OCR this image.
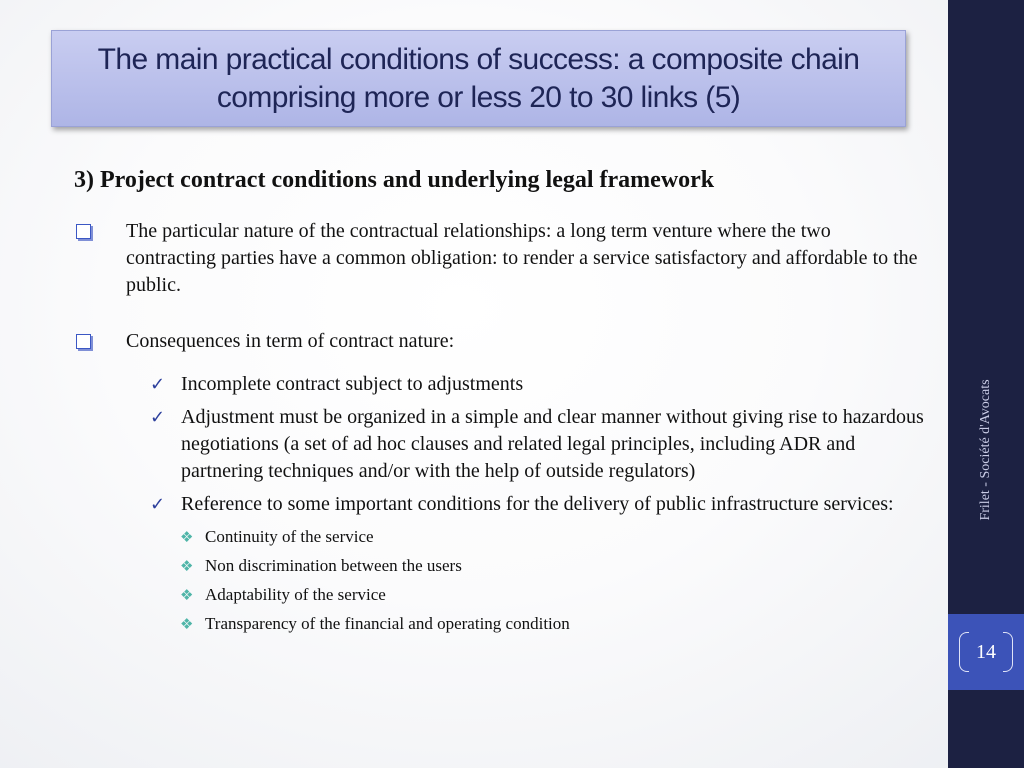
The main practical conditions of success: a composite chain
comprising more or less 20 to 30 links (5)
3) Project contract conditions and underlying legal framework
The particular nature of the contractual relationships: a long term venture where the two contracting parties have a common obligation: to render a service satisfactory and affordable to the public.
Consequences in term of contract nature:
✓ Incomplete contract subject to adjustments
✓ Adjustment must be organized in a simple and clear manner without giving rise to hazardous negotiations (a set of ad hoc clauses and related legal principles, including ADR and partnering techniques and/or with the help of outside regulators)
✓ Reference to some important conditions for the delivery of public infrastructure services:
❖ Continuity of the service
❖ Non discrimination between the users
❖ Adaptability of the service
❖ Transparency of the financial and operating condition
Frilet - Société d'Avocats
14
